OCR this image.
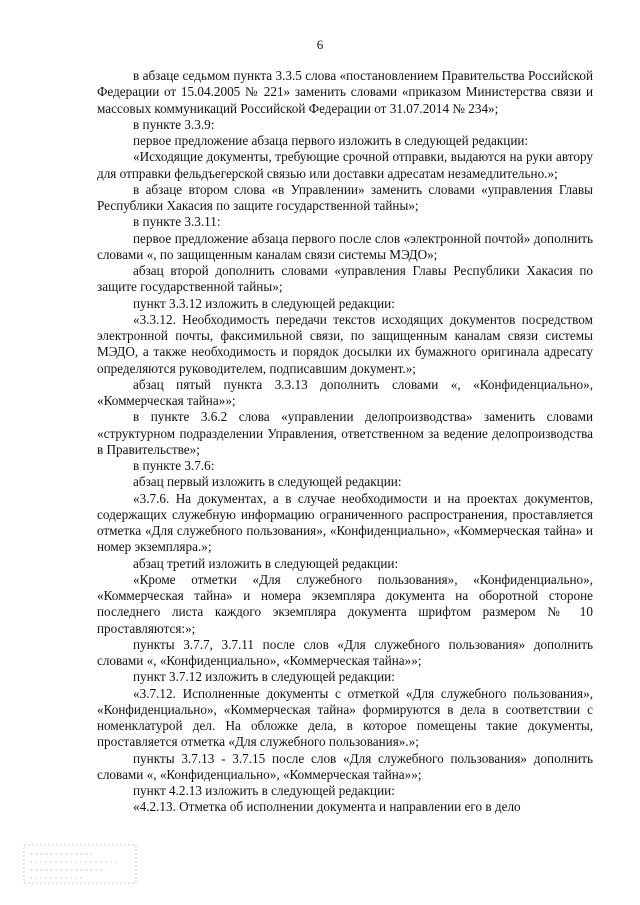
6

в абзаце седьмом пункта 3.3.5 слова «постановлением Правительства Российской Федерации от 15.04.2005 № 221» заменить словами «приказом Министерства связи и массовых коммуникаций Российской Федерации от 31.07.2014 № 234»;

в пункте 3.3.9:

первое предложение абзаца первого изложить в следующей редакции:

«Исходящие документы, требующие срочной отправки, выдаются на руки автору для отправки фельдъегерской связью или доставки адресатам незамедлительно.»;

в абзаце втором слова «в Управлении» заменить словами «управления Главы Республики Хакасия по защите государственной тайны»;

в пункте 3.3.11:

первое предложение абзаца первого после слов «электронной почтой» дополнить словами «, по защищенным каналам связи системы МЭДО»;

абзац второй дополнить словами «управления Главы Республики Хакасия по защите государственной тайны»;

пункт 3.3.12 изложить в следующей редакции:

«3.3.12. Необходимость передачи текстов исходящих документов посредством электронной почты, факсимильной связи, по защищенным каналам связи системы МЭДО, а также необходимость и порядок досылки их бумажного оригинала адресату определяются руководителем, подписавшим документ.»;

абзац пятый пункта 3.3.13 дополнить словами «, «Конфиденциально», «Коммерческая тайна»»;

в пункте 3.6.2 слова «управлении делопроизводства» заменить словами «структурном подразделении Управления, ответственном за ведение делопроизводства в Правительстве»;

в пункте 3.7.6:

абзац первый изложить в следующей редакции:

«3.7.6. На документах, а в случае необходимости и на проектах документов, содержащих служебную информацию ограниченного распространения, проставляется отметка «Для служебного пользования», «Конфиденциально», «Коммерческая тайна» и номер экземпляра.»;

абзац третий изложить в следующей редакции:

«Кроме отметки «Для служебного пользования», «Конфиденциально», «Коммерческая тайна» и номера экземпляра документа на оборотной стороне последнего листа каждого экземпляра документа шрифтом размером № 10 проставляются:»;

пункты 3.7.7, 3.7.11 после слов «Для служебного пользования» дополнить словами «, «Конфиденциально», «Коммерческая тайна»»;

пункт 3.7.12 изложить в следующей редакции:

«3.7.12. Исполненные документы с отметкой «Для служебного пользования», «Конфиденциально», «Коммерческая тайна» формируются в дела в соответствии с номенклатурой дел. На обложке дела, в которое помещены такие документы, проставляется отметка «Для служебного пользования».»;

пункты 3.7.13 - 3.7.15 после слов «Для служебного пользования» дополнить словами «, «Конфиденциально», «Коммерческая тайна»»;

пункт 4.2.13 изложить в следующей редакции:

«4.2.13. Отметка об исполнении документа и направлении его в дело
